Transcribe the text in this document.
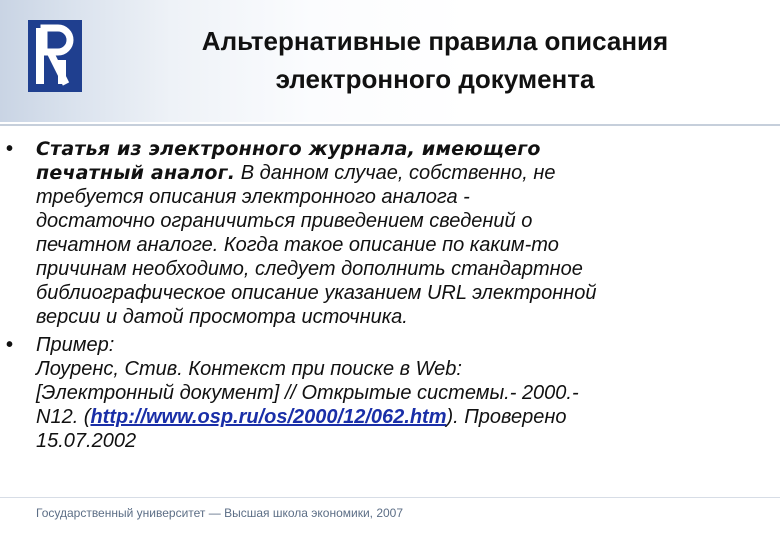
Альтернативные правила описания
электронного документа
•	Статья из электронного журнала, имеющего
печатный аналог. В данном случае, собственно, не
требуется описания электронного аналога -
достаточно ограничиться приведением сведений о
печатном аналоге. Когда такое описание по каким-то
причинам необходимо, следует дополнить стандартное
библиографическое описание указанием URL электронной
версии и датой просмотра источника.
•	Пример:
Лоуренс, Стив. Контекст при поиске в Web:
[Электронный документ] // Открытые системы.- 2000.-
N12. (http://www.osp.ru/os/2000/12/062.htm). Проверено
15.07.2002
Государственный университет — Высшая школа экономики, 2007
